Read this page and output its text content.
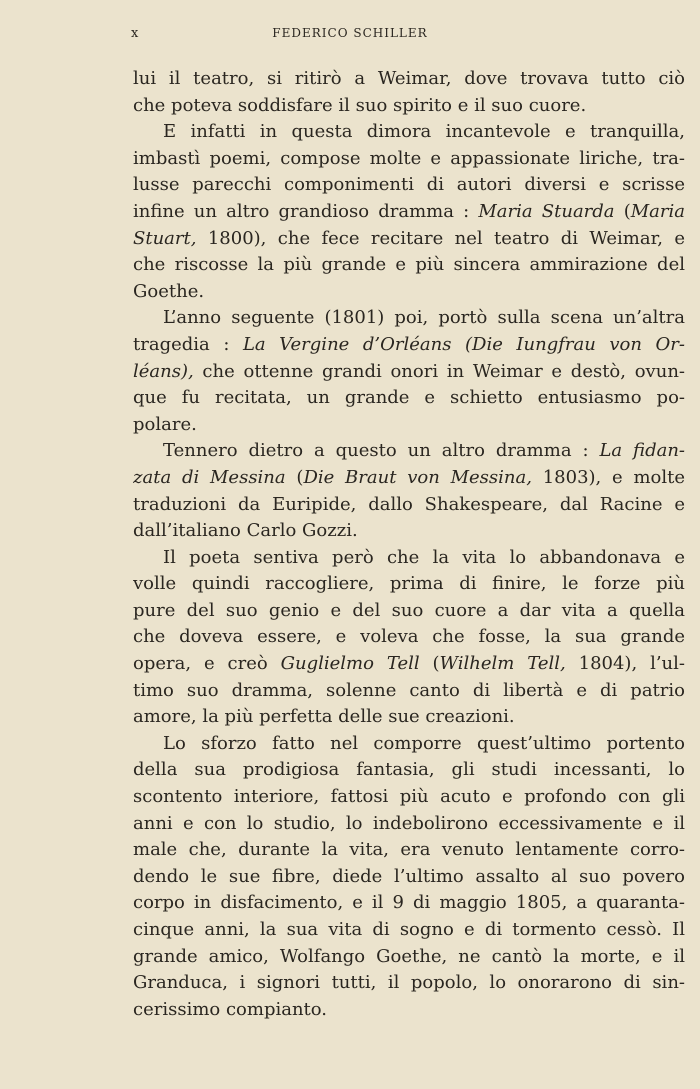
x	FEDERICO SCHILLER
lui il teatro, si ritirò a Weimar, dove trovava tutto ciò
che poteva soddisfare il suo spirito e il suo cuore.
E infatti in questa dimora incantevole e tranquilla,
imbastì poemi, compose molte e appassionate liriche, tra-
lusse parecchi componimenti di autori diversi e scrisse
infine un altro grandioso dramma : Maria Stuarda (Maria
Stuart, 1800), che fece recitare nel teatro di Weimar, e
che riscosse la più grande e più sincera ammirazione del
Goethe.
L’anno seguente (1801) poi, portò sulla scena un’altra
tragedia : La Vergine d’Orléans (Die Iungfrau von Or-
léans), che ottenne grandi onori in Weimar e destò, ovun-
que fu recitata, un grande e schietto entusiasmo po-
polare.
Tennero dietro a questo un altro dramma : La fidan-
zata di Messina (Die Braut von Messina, 1803), e molte
traduzioni da Euripide, dallo Shakespeare, dal Racine e
dall’italiano Carlo Gozzi.
Il poeta sentiva però che la vita lo abbandonava e
volle quindi raccogliere, prima di finire, le forze più
pure del suo genio e del suo cuore a dar vita a quella
che doveva essere, e voleva che fosse, la sua grande
opera, e creò Guglielmo Tell (Wilhelm Tell, 1804), l’ul-
timo suo dramma, solenne canto di libertà e di patrio
amore, la più perfetta delle sue creazioni.
Lo sforzo fatto nel comporre quest’ultimo portento
della sua prodigiosa fantasia, gli studi incessanti, lo
scontento interiore, fattosi più acuto e profondo con gli
anni e con lo studio, lo indebolirono eccessivamente e il
male che, durante la vita, era venuto lentamente corro-
dendo le sue fibre, diede l’ultimo assalto al suo povero
corpo in disfacimento, e il 9 di maggio 1805, a quaranta-
cinque anni, la sua vita di sogno e di tormento cessò. Il
grande amico, Wolfango Goethe, ne cantò la morte, e il
Granduca, i signori tutti, il popolo, lo onorarono di sin-
cerissimo compianto.
